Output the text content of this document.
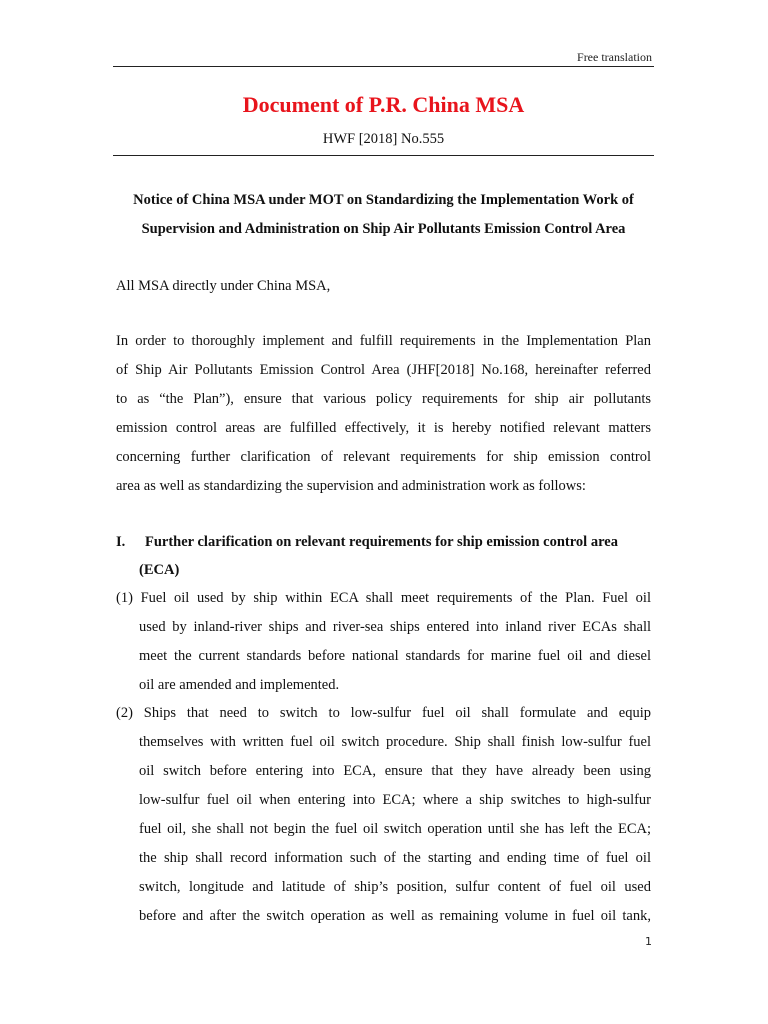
Free translation
Document of P.R. China MSA
HWF [2018] No.555
Notice of China MSA under MOT on Standardizing the Implementation Work of
Supervision and Administration on Ship Air Pollutants Emission Control Area
All MSA directly under China MSA,
In order to thoroughly implement and fulfill requirements in the Implementation Plan
of Ship Air Pollutants Emission Control Area (JHF[2018] No.168, hereinafter referred
to as “the Plan”), ensure that various policy requirements for ship air pollutants
emission control areas are fulfilled effectively, it is hereby notified relevant matters
concerning further clarification of relevant requirements for ship emission control
area as well as standardizing the supervision and administration work as follows:
I. Further clarification on relevant requirements for ship emission control area
(ECA)
(1) Fuel oil used by ship within ECA shall meet requirements of the Plan. Fuel oil
used by inland-river ships and river-sea ships entered into inland river ECAs shall
meet the current standards before national standards for marine fuel oil and diesel
oil are amended and implemented.
(2) Ships that need to switch to low-sulfur fuel oil shall formulate and equip
themselves with written fuel oil switch procedure. Ship shall finish low-sulfur fuel
oil switch before entering into ECA, ensure that they have already been using
low-sulfur fuel oil when entering into ECA; where a ship switches to high-sulfur
fuel oil, she shall not begin the fuel oil switch operation until she has left the ECA;
the ship shall record information such of the starting and ending time of fuel oil
switch, longitude and latitude of ship’s position, sulfur content of fuel oil used
before and after the switch operation as well as remaining volume in fuel oil tank,
1
